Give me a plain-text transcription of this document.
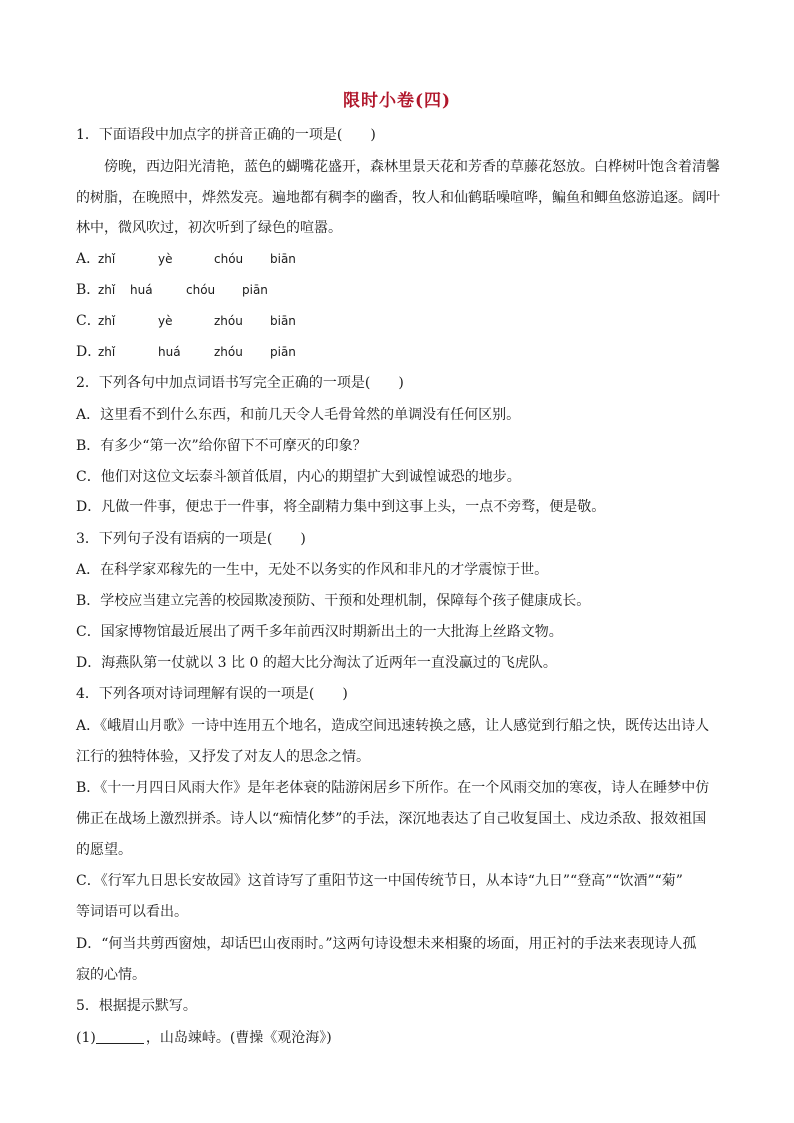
限时小卷(四)
1．下面语段中加点字的拼音正确的一项是(　　)
傍晚，西边阳光清艳，蓝色的蝴嘴花盛开，森林里景天花和芳香的草藤花怒放。白桦树叶饱含着清馨
的树脂，在晚照中，烨然发亮。遍地都有稠李的幽香，牧人和仙鹤聒噪喧哗，鳊鱼和鲫鱼悠游追逐。阔叶
林中，微风吹过，初次听到了绿色的喧嚣。
A．zhǐ	yè	chóu biān
B．zhǐ huá	chóu piān
C．zhǐ	yè	zhóu biān
D．zhǐ	huá	zhóu piān
2．下列各句中加点词语书写完全正确的一项是(　　)
A．这里看不到什么东西，和前几天令人毛骨耸然的单调没有任何区别。
B．有多少“第一次”给你留下不可摩灭的印象？
C．他们对这位文坛泰斗颔首低眉，内心的期望扩大到诚惶诚恐的地步。
D．凡做一件事，便忠于一件事，将全副精力集中到这事上头，一点不旁骛，便是敬。
3．下列句子没有语病的一项是(　　)
A．在科学家邓稼先的一生中，无处不以务实的作风和非凡的才学震惊于世。
B．学校应当建立完善的校园欺凌预防、干预和处理机制，保障每个孩子健康成长。
C．国家博物馆最近展出了两千多年前西汉时期新出土的一大批海上丝路文物。
D．海燕队第一仗就以 3 比 0 的超大比分淘汰了近两年一直没赢过的飞虎队。
4．下列各项对诗词理解有误的一项是(　　)
A．《峨眉山月歌》一诗中连用五个地名，造成空间迅速转换之感，让人感觉到行船之快，既传达出诗人
江行的独特体验，又抒发了对友人的思念之情。
B．《十一月四日风雨大作》是年老体衰的陆游闲居乡下所作。在一个风雨交加的寒夜，诗人在睡梦中仿
佛正在战场上激烈拼杀。诗人以“痴情化梦”的手法，深沉地表达了自己收复国土、戍边杀敌、报效祖国
的愿望。
C．《行军九日思长安故园》这首诗写了重阳节这一中国传统节日，从本诗“九日”“登高”“饮酒”“菊”
等词语可以看出。
D．“何当共剪西窗烛，却话巴山夜雨时。”这两句诗设想未来相聚的场面，用正衬的手法来表现诗人孤
寂的心情。
5．根据提示默写。
(1)	，山岛竦峙。(曹操《观沧海》)
